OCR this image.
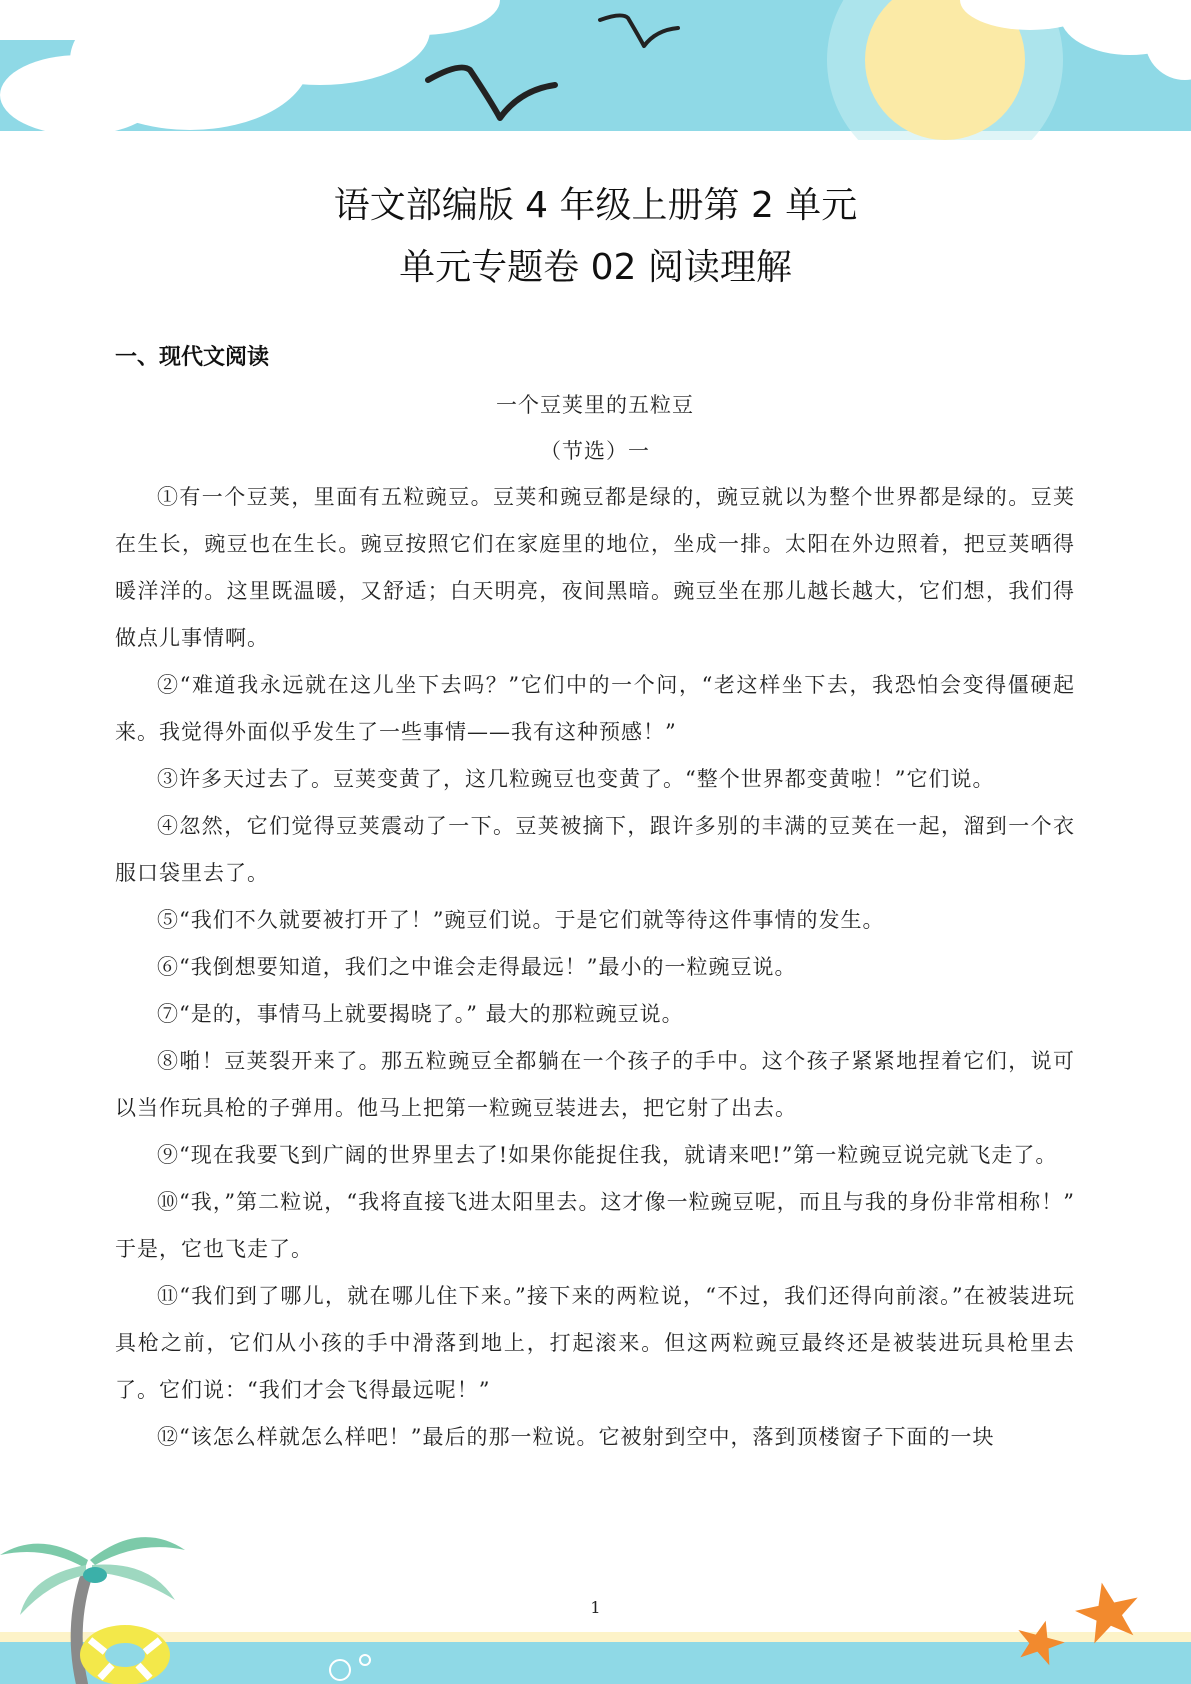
语文部编版 4 年级上册第 2 单元
单元专题卷 02 阅读理解
一、现代文阅读

一个豆荚里的五粒豆

（节选）一

①有一个豆荚，里面有五粒豌豆。豆荚和豌豆都是绿的，豌豆就以为整个世界都是绿的。豆荚在生长，豌豆也在生长。豌豆按照它们在家庭里的地位，坐成一排。太阳在外边照着，把豆荚晒得暖洋洋的。这里既温暖，又舒适；白天明亮，夜间黑暗。豌豆坐在那儿越长越大，它们想，我们得做点儿事情啊。

②“难道我永远就在这儿坐下去吗？”它们中的一个问，“老这样坐下去，我恐怕会变得僵硬起来。我觉得外面似乎发生了一些事情——我有这种预感！”

③许多天过去了。豆荚变黄了，这几粒豌豆也变黄了。“整个世界都变黄啦！”它们说。

④忽然，它们觉得豆荚震动了一下。豆荚被摘下，跟许多别的丰满的豆荚在一起，溜到一个衣服口袋里去了。

⑤“我们不久就要被打开了！”豌豆们说。于是它们就等待这件事情的发生。

⑥“我倒想要知道，我们之中谁会走得最远！”最小的一粒豌豆说。

⑦“是的，事情马上就要揭晓了。” 最大的那粒豌豆说。

⑧啪！豆荚裂开来了。那五粒豌豆全都躺在一个孩子的手中。这个孩子紧紧地捏着它们，说可以当作玩具枪的子弹用。他马上把第一粒豌豆装进去，把它射了出去。

⑨“现在我要飞到广阔的世界里去了!如果你能捉住我，就请来吧!”第一粒豌豆说完就飞走了。

⑩“我，”第二粒说，“我将直接飞进太阳里去。这才像一粒豌豆呢，而且与我的身份非常相称！” 于是，它也飞走了。

⑪“我们到了哪儿，就在哪儿住下来。”接下来的两粒说，“不过，我们还得向前滚。”在被装进玩具枪之前，它们从小孩的手中滑落到地上，打起滚来。但这两粒豌豆最终还是被装进玩具枪里去了。它们说：“我们才会飞得最远呢！”

⑫“该怎么样就怎么样吧！”最后的那一粒说。它被射到空中，落到顶楼窗子下面的一块

1
